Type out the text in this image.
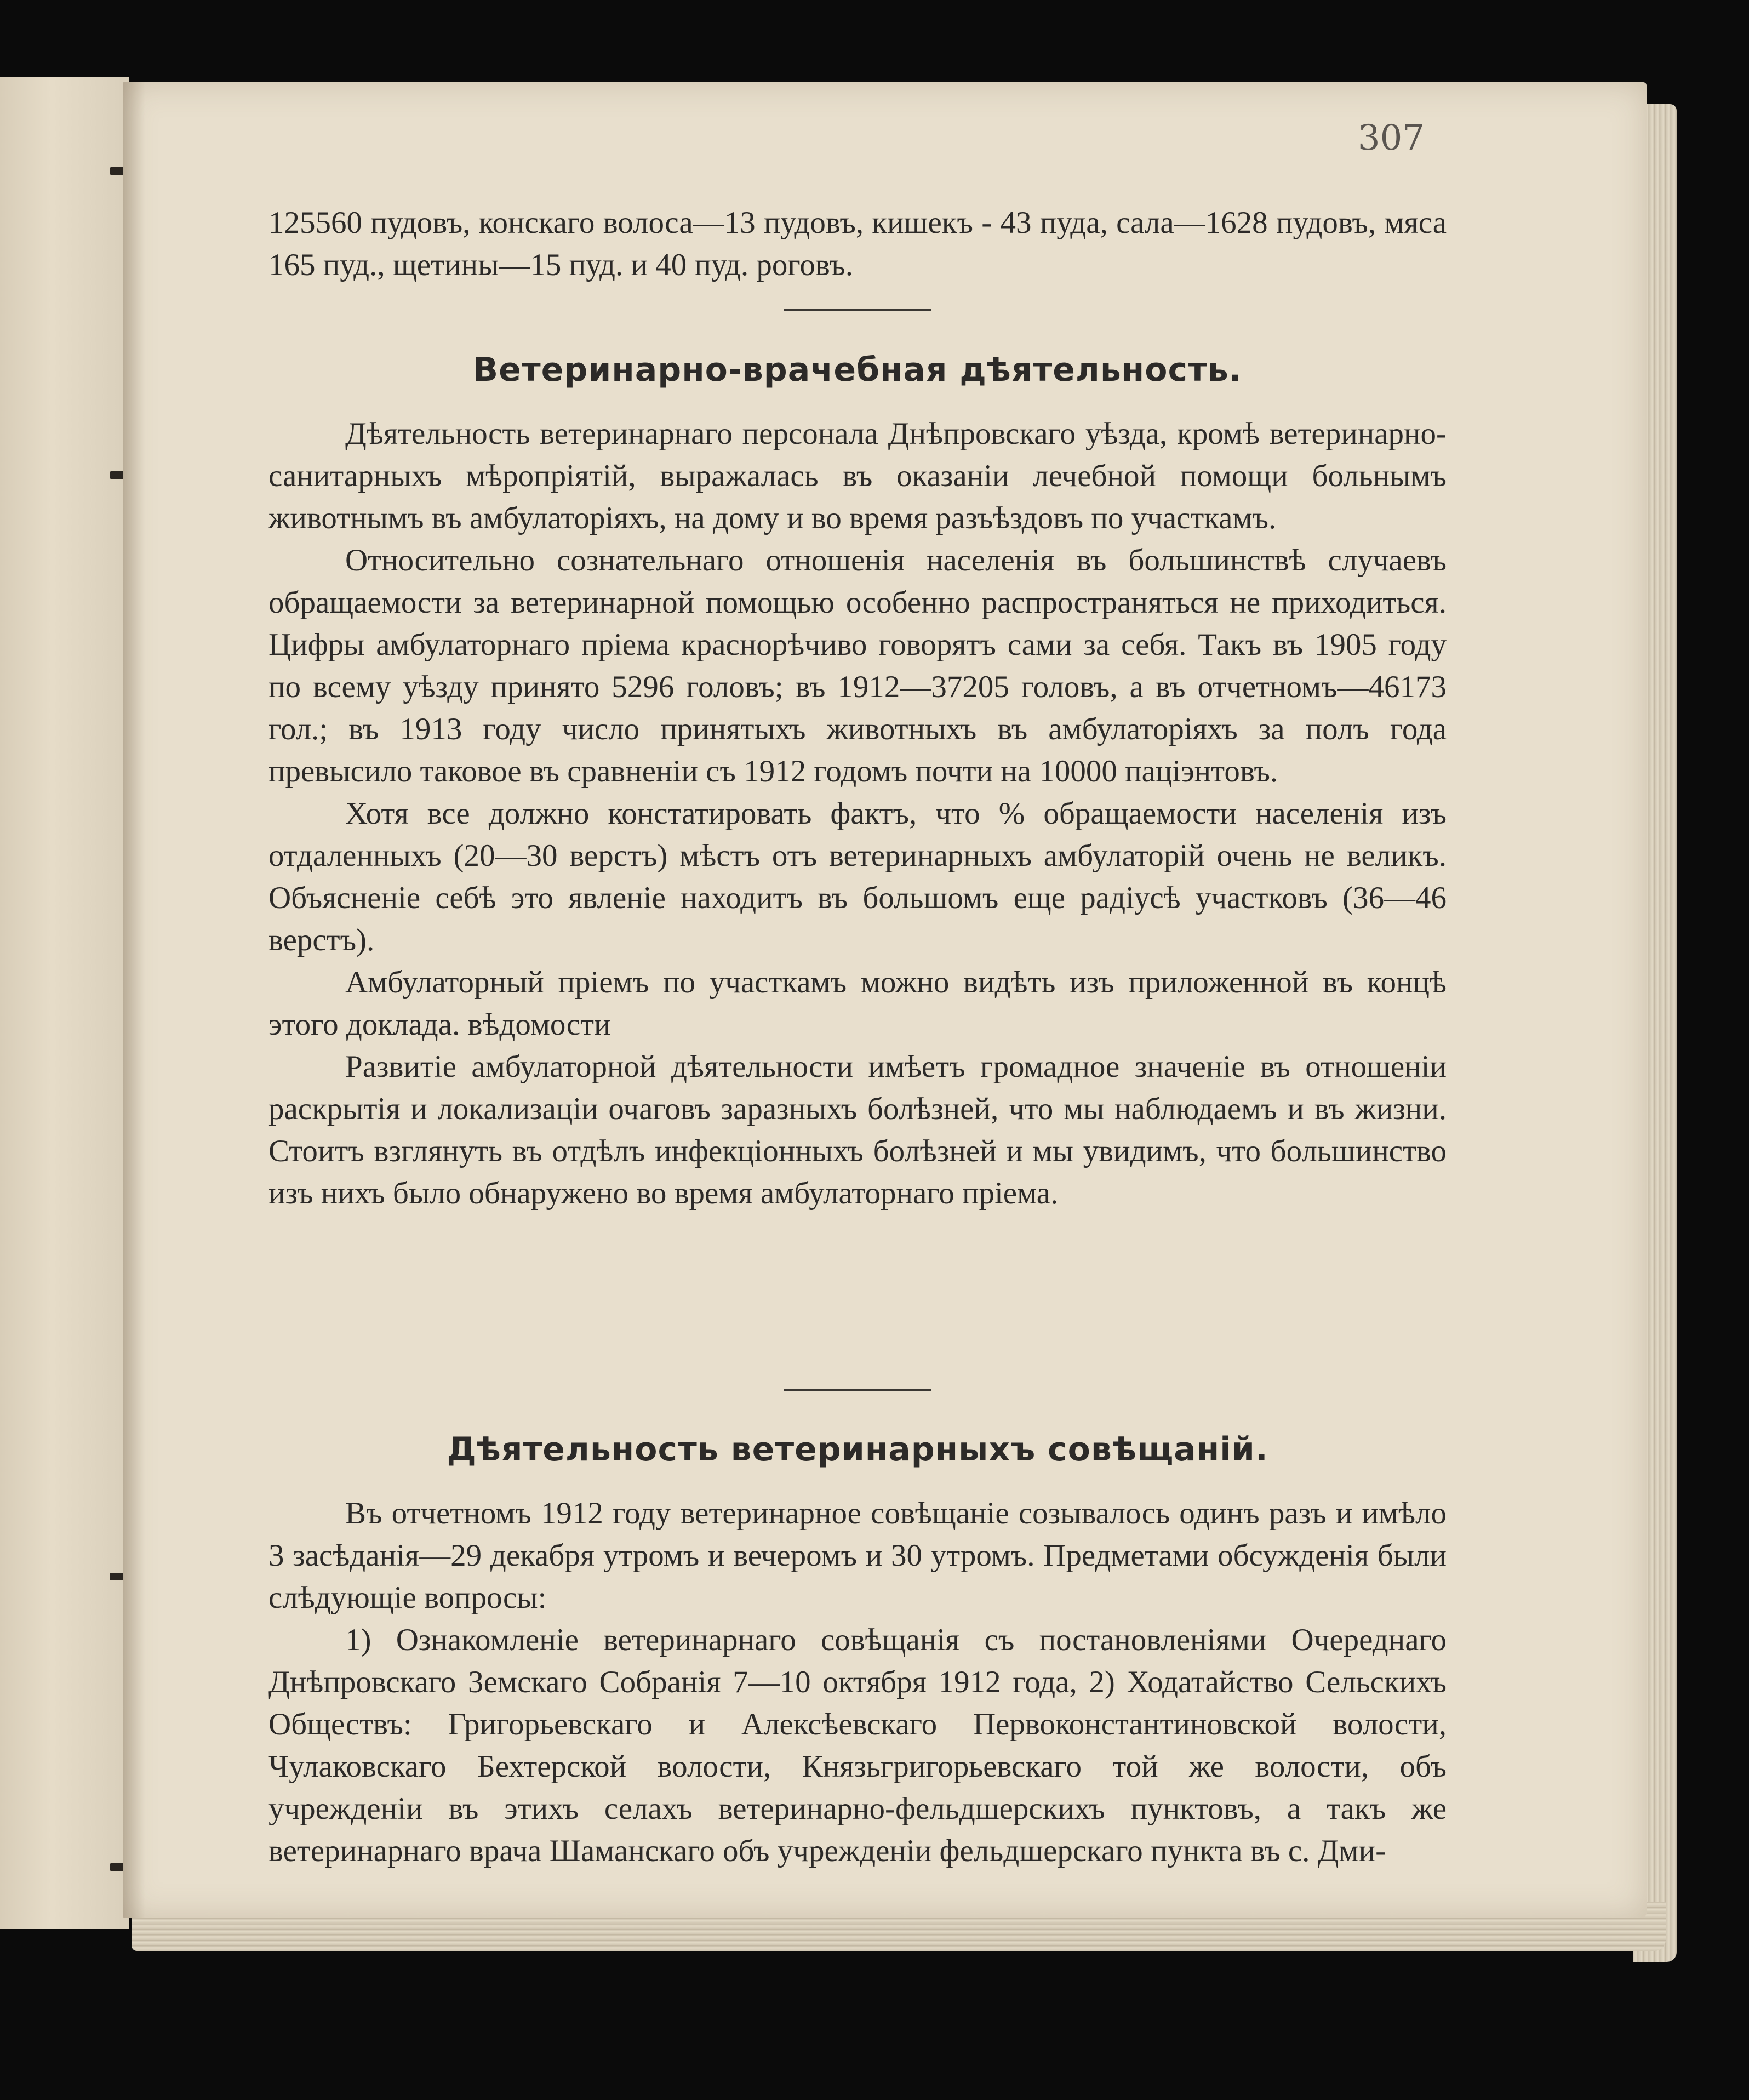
307

125560 пудовъ, конскаго волоса—13 пудовъ, кишекъ - 43 пуда, сала—1628 пудовъ, мяса 165 пуд., щетины—15 пуд. и 40 пуд. роговъ.

Ветеринарно-врачебная дѣятельность.

Дѣятельность ветеринарнаго персонала Днѣпровскаго уѣзда, кромѣ ветеринарно-санитарныхъ мѣропріятій, выражалась въ оказаніи лечебной помощи больнымъ животнымъ въ амбулаторіяхъ, на дому и во время разъѣздовъ по участкамъ.

Относительно сознательнаго отношенія населенія въ большинствѣ случаевъ обращаемости за ветеринарной помощью особенно распространяться не приходиться. Цифры амбулаторнаго пріема краснорѣчиво говорятъ сами за себя. Такъ въ 1905 году по всему уѣзду принято 5296 головъ; въ 1912—37205 головъ, а въ отчетномъ—46173 гол.; въ 1913 году число принятыхъ животныхъ въ амбулаторіяхъ за полъ года превысило таковое въ сравненіи съ 1912 годомъ почти на 10000 паціэнтовъ.

Хотя все должно констатировать фактъ, что % обращаемости населенія изъ отдаленныхъ (20—30 верстъ) мѣстъ отъ ветеринарныхъ амбулаторій очень не великъ. Объясненіе себѣ это явленіе находитъ въ большомъ еще радіусѣ участковъ (36—46 верстъ).

Амбулаторный пріемъ по участкамъ можно видѣть изъ приложенной въ концѣ этого доклада. вѣдомости

Развитіе амбулаторной дѣятельности имѣетъ громадное значеніе въ отношеніи раскрытія и локализаціи очаговъ заразныхъ болѣзней, что мы наблюдаемъ и въ жизни. Стоитъ взглянуть въ отдѣлъ инфекціонныхъ болѣзней и мы увидимъ, что большинство изъ нихъ было обнаружено во время амбулаторнаго пріема.

Дѣятельность ветеринарныхъ совѣщаній.

Въ отчетномъ 1912 году ветеринарное совѣщаніе созывалось одинъ разъ и имѣло 3 засѣданія—29 декабря утромъ и вечеромъ и 30 утромъ. Предметами обсужденія были слѣдующіе вопросы:

1) Ознакомленіе ветеринарнаго совѣщанія съ постановленіями Очереднаго Днѣпровскаго Земскаго Собранія 7—10 октября 1912 года, 2) Ходатайство Сельскихъ Обществъ: Григорьевскаго и Алексѣевскаго Первоконстантиновской волости, Чулаковскаго Бехтерской волости, Князьгригорьевскаго той же волости, объ учрежденіи въ этихъ селахъ ветеринарно-фельдшерскихъ пунктовъ, а такъ же ветеринарнаго врача Шаманскаго объ учрежденіи фельдшерскаго пункта въ с. Дми-
